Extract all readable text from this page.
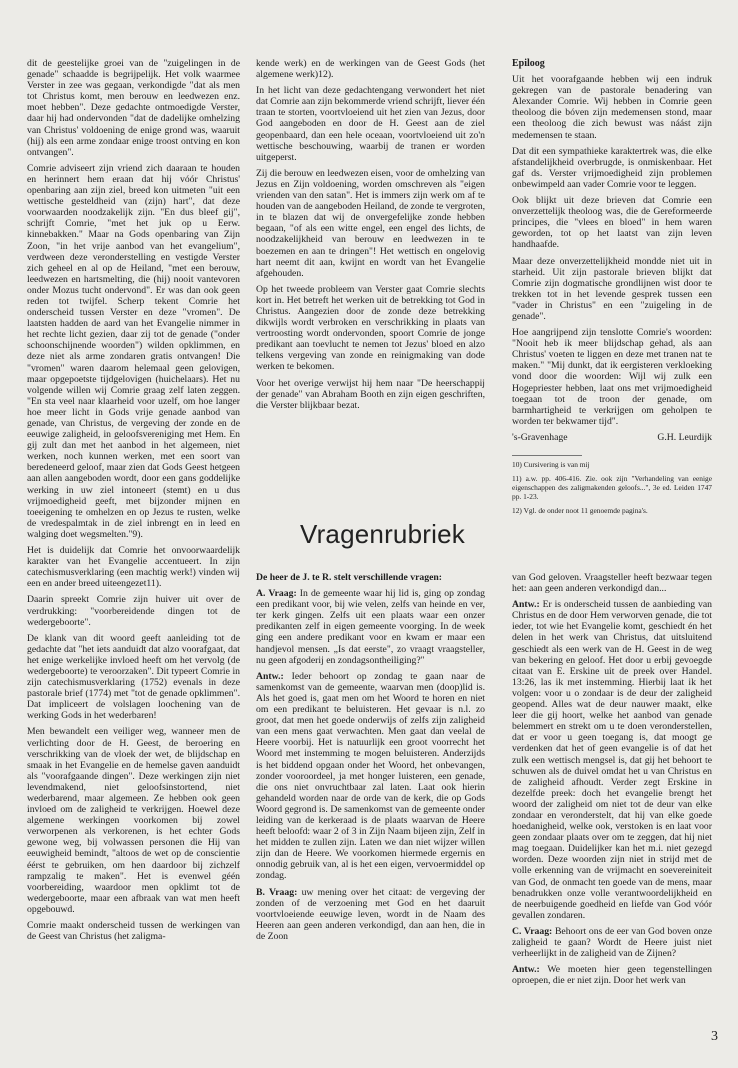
dit de geestelijke groei van de "zuigelingen in de genade" schaadde is begrijpelijk. Het volk waarmee Verster in zee was gegaan, verkondigde "dat als men tot Christus komt, men berouw en leedwezen enz. moet hebben". Deze gedachte ontmoedigde Verster, daar hij had ondervonden "dat de dadelijke omhelzing van Christus' voldoening de enige grond was, waaruit (hij) als een arme zondaar enige troost ontving en kon ontvangen".

Comrie adviseert zijn vriend zich daaraan te houden en herinnert hem eraan dat hij vóór Christus' openbaring aan zijn ziel, breed kon uitmeten "uit een wettische gesteldheid van (zijn) hart", dat deze voorwaarden noodzakelijk zijn. "En dus bleef gij", schrijft Comrie, "met het juk op u Eerw. kinnebakken." Maar na Gods openbaring van Zijn Zoon, "in het vrije aanbod van het evangelium", verdween deze veronderstelling en vestigde Verster zich geheel en al op de Heiland, "met een berouw, leedwezen en hartsmelting, die (hij) nooit vantevoren onder Mozus tucht ondervond". Er was dan ook geen reden tot twijfel. Scherp tekent Comrie het onderscheid tussen Verster en deze "vromen". De laatsten hadden de aard van het Evangelie nimmer in het rechte licht gezien, daar zij tot de genade ("onder schoonschijnende woorden") wilden opklimmen, en deze niet als arme zondaren gratis ontvangen! Die "vromen" waren daarom helemaal geen gelovigen, maar opgepoetste tijdgelovigen (huichelaars). Het nu volgende willen wij Comrie graag zelf laten zeggen. "En sta veel naar klaarheid voor uzelf, om hoe langer hoe meer licht in Gods vrije genade aanbod van genade, van Christus, de vergeving der zonde en de eeuwige zaligheid, in geloofsvereniging met Hem. En gij zult dan met het aanbod in het algemeen, niet werken, noch kunnen werken, met een soort van beredeneerd geloof, maar zien dat Gods Geest hetgeen aan allen aangeboden wordt, door een gans goddelijke werking in uw ziel intoneert (stemt) en u dus vrijmoedigheid geeft, met bijzonder mijnen en toeeigening te omhelzen en op Jezus te rusten, welke de vredespalmtak in de ziel inbrengt en in leed en walging doet wegsmelten."9).

Het is duidelijk dat Comrie het onvoorwaardelijk karakter van het Evangelie accentueert. In zijn catechismusverklaring (een machtig werk!) vinden wij een en ander breed uiteengezet11).

Daarin spreekt Comrie zijn huiver uit over de verdrukking: "voorbereidende dingen tot de wedergeboorte".

De klank van dit woord geeft aanleiding tot de gedachte dat "het iets aanduidt dat alzo voorafgaat, dat het enige werkelijke invloed heeft om het vervolg (de wedergeboorte) te veroorzaken". Dit typeert Comrie in zijn catechismusverklaring (1752) evenals in deze pastorale brief (1774) met "tot de genade opklimmen". Dat impliceert de volslagen loochening van de werking Gods in het wederbaren!

Men bewandelt een veiliger weg, wanneer men de verlichting door de H. Geest, de beroering en verschrikking van de vloek der wet, de blijdschap en smaak in het Evangelie en de hemelse gaven aanduidt als "voorafgaande dingen". Deze werkingen zijn niet levendmakend, niet geloofsinstortend, niet wederbarend, maar algemeen. Ze hebben ook geen invloed om de zaligheid te verkrijgen. Hoewel deze algemene werkingen voorkomen bij zowel verworpenen als verkorenen, is het echter Gods gewone weg, bij volwassen personen die Hij van eeuwigheid bemindt, "altoos de wet op de conscientie éérst te gebruiken, om hen daardoor bij zichzelf rampzalig te maken". Het is evenwel géén voorbereiding, waardoor men opklimt tot de wedergeboorte, maar een afbraak van wat men heeft opgebouwd.

Comrie maakt onderscheid tussen de werkingen van de Geest van Christus (het zaligma-

kende werk) en de werkingen van de Geest Gods (het algemene werk)12).

In het licht van deze gedachtengang verwondert het niet dat Comrie aan zijn bekommerde vriend schrijft, liever één traan te storten, voortvloeiend uit het zien van Jezus, door God aangeboden en door de H. Geest aan de ziel geopenbaard, dan een hele oceaan, voortvloeiend uit zo'n wettische beschouwing, waarbij de tranen er worden uitgeperst.

Zij die berouw en leedwezen eisen, voor de omhelzing van Jezus en Zijn voldoening, worden omschreven als "eigen vrienden van den satan". Het is immers zijn werk om af te houden van de aangeboden Heiland, de zonde te vergroten, in te blazen dat wij de onvergefelijke zonde hebben begaan, "of als een witte engel, een engel des lichts, de noodzakelijkheid van berouw en leedwezen in te boezemen en aan te dringen"! Het wettisch en ongelovig hart neemt dit aan, kwijnt en wordt van het Evangelie afgehouden.

Op het tweede probleem van Verster gaat Comrie slechts kort in. Het betreft het werken uit de betrekking tot God in Christus. Aangezien door de zonde deze betrekking dikwijls wordt verbroken en verschrikking in plaats van vertroosting wordt ondervonden, spoort Comrie de jonge predikant aan toevlucht te nemen tot Jezus' bloed en alzo telkens vergeving van zonde en reinigmaking van dode werken te bekomen.

Voor het overige verwijst hij hem naar "De heerschappij der genade" van Abraham Booth en zijn eigen geschriften, die Verster blijkbaar bezat.

Epiloog

Uit het voorafgaande hebben wij een indruk gekregen van de pastorale benadering van Alexander Comrie. Wij hebben in Comrie geen theoloog die bóven zijn medemensen stond, maar een theoloog die zich bewust was náást zijn medemensen te staan.

Dat dit een sympathieke karaktertrek was, die elke afstandelijkheid overbrugde, is onmiskenbaar. Het gaf ds. Verster vrijmoedigheid zijn problemen onbewimpeld aan vader Comrie voor te leggen.

Ook blijkt uit deze brieven dat Comrie een onverzettelijk theoloog was, die de Gereformeerde principes, die "vlees en bloed" in hem waren geworden, tot op het laatst van zijn leven handhaafde.

Maar deze onverzettelijkheid mondde niet uit in starheid. Uit zijn pastorale brieven blijkt dat Comrie zijn dogmatische grondlijnen wist door te trekken tot in het levende gesprek tussen een "vader in Christus" en een "zuigeling in de genade".

Hoe aangrijpend zijn tenslotte Comrie's woorden: "Nooit heb ik meer blijdschap gehad, als aan Christus' voeten te liggen en deze met tranen nat te maken." "Mij dunkt, dat ik eergisteren verkloeking vond door die woorden: Wijl wij zulk een Hogepriester hebben, laat ons met vrijmoedigheid toegaan tot de troon der genade, om barmhartigheid te verkrijgen om geholpen te worden ter bekwamer tijd".

's-Gravenhage	G.H. Leurdijk

10) Cursivering is van mij

11) a.w. pp. 406-416. Zie. ook zijn "Verhandeling van eenige eigenschappen des zaligmakenden geloofs...", 3e ed. Leiden 1747 pp. 1-23.

12) Vgl. de onder noot 11 genoemde pagina's.

Vragenrubriek

De heer de J. te R. stelt verschillende vragen:

A. Vraag: In de gemeente waar hij lid is, ging op zondag een predikant voor, bij wie velen, zelfs van heinde en ver, ter kerk gingen. Zelfs uit een plaats waar een onzer predikanten zelf in eigen gemeente voorging. In de week ging een andere predikant voor en kwam er maar een handjevol mensen. „Is dat eerste", zo vraagt vraagsteller, nu geen afgoderij en zondagsontheiliging?"

Antw.: Ieder behoort op zondag te gaan naar de samenkomst van de gemeente, waarvan men (doop)lid is. Als het goed is, gaat men om het Woord te horen en niet om een predikant te beluisteren. Het gevaar is n.l. zo groot, dat men het goede onderwijs of zelfs zijn zaligheid van een mens gaat verwachten. Men gaat dan veelal de Heere voorbij. Het is natuurlijk een groot voorrecht het Woord met instemming te mogen beluisteren. Anderzijds is het biddend opgaan onder het Woord, het onbevangen, zonder vooroordeel, ja met honger luisteren, een genade, die ons niet onvruchtbaar zal laten. Laat ook hierin gehandeld worden naar de orde van de kerk, die op Gods Woord gegrond is. De samenkomst van de gemeente onder leiding van de kerkeraad is de plaats waarvan de Heere heeft beloofd: waar 2 of 3 in Zijn Naam bijeen zijn, Zelf in het midden te zullen zijn. Laten we dan niet wijzer willen zijn dan de Heere. We voorkomen hiermede ergernis en onnodig gebruik van, al is het een eigen, vervoermiddel op zondag.

B. Vraag: uw mening over het citaat: de vergeving der zonden of de verzoening met God en het daaruit voortvloeiende eeuwige leven, wordt in de Naam des Heeren aan geen anderen verkondigd, dan aan hen, die in de Zoon

van God geloven. Vraagsteller heeft bezwaar tegen het: aan geen anderen verkondigd dan...

Antw.: Er is onderscheid tussen de aanbieding van Christus en de door Hem verworven genade, die tot ieder, tot wie het Evangelie komt, geschiedt én het delen in het werk van Christus, dat uitsluitend geschiedt als een werk van de H. Geest in de weg van bekering en geloof. Het door u erbij gevoegde citaat van E. Erskine uit de preek over Handel. 13:26, las ik met instemming. Hierbij laat ik het volgen: voor u o zondaar is de deur der zaligheid geopend. Alles wat de deur nauwer maakt, elke leer die gij hoort, welke het aanbod van genade belemmert en strekt om u te doen veronderstellen, dat er voor u geen toegang is, dat moogt ge verdenken dat het of geen evangelie is of dat het zulk een wettisch mengsel is, dat gij het behoort te schuwen als de duivel omdat het u van Christus en de zaligheid afhoudt. Verder zegt Erskine in dezelfde preek: doch het evangelie brengt het woord der zaligheid om niet tot de deur van elke zondaar en veronderstelt, dat hij van elke goede hoedanigheid, welke ook, verstoken is en laat voor geen zondaar plaats over om te zeggen, dat hij niet mag toegaan. Duidelijker kan het m.i. niet gezegd worden. Deze woorden zijn niet in strijd met de volle erkenning van de vrijmacht en soevereiniteit van God, de onmacht ten goede van de mens, maar benadrukken onze volle verantwoordelijkheid en de neerbuigende goedheid en liefde van God vóór gevallen zondaren.

C. Vraag: Behoort ons de eer van God boven onze zaligheid te gaan? Wordt de Heere juist niet verheerlijkt in de zaligheid van de Zijnen?

Antw.: We moeten hier geen tegenstellingen oproepen, die er niet zijn. Door het werk van

3
